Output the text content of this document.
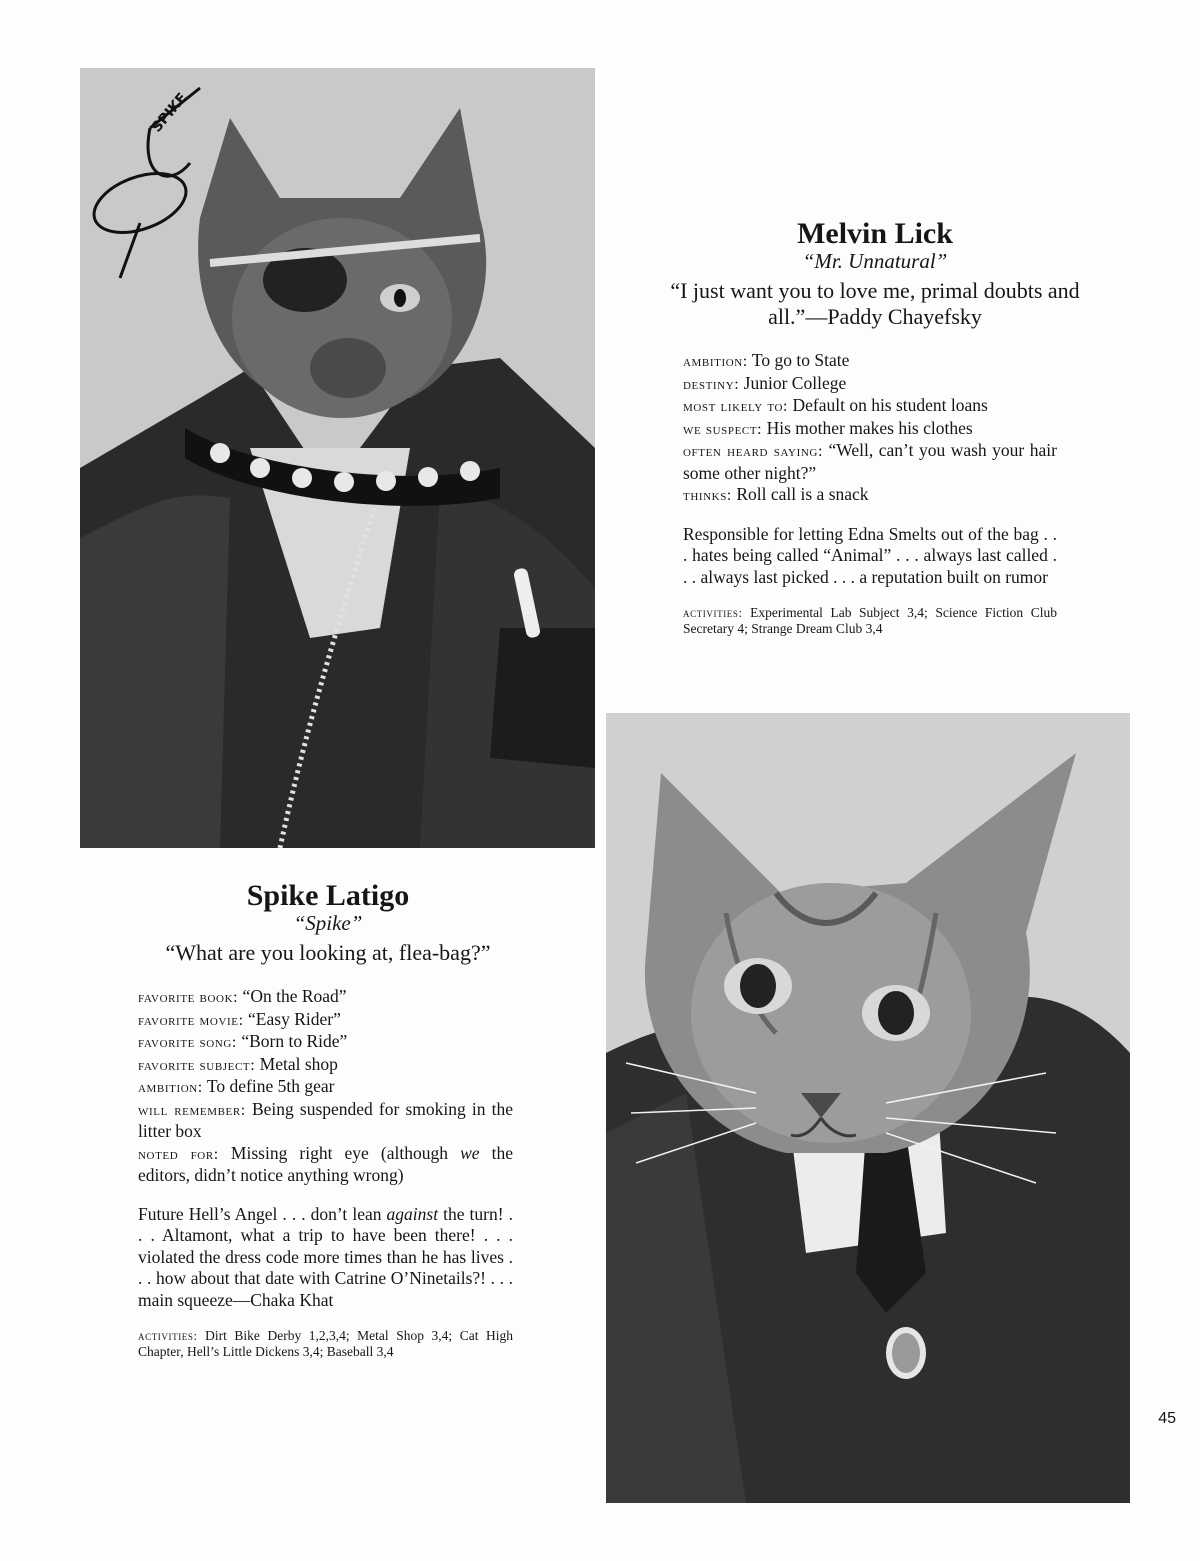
SPIKE
Melvin Lick
“Mr. Unnatural”
“I just want you to love me, primal doubts and all.”—Paddy Chayefsky
ambition: To go to State
destiny: Junior College
most likely to: Default on his student loans
we suspect: His mother makes his clothes
often heard saying: “Well, can’t you wash your hair some other night?”
thinks: Roll call is a snack
Responsible for letting Edna Smelts out of the bag . . . hates being called “Animal” . . . always last called . . . always last picked . . . a reputation built on rumor
activities: Experimental Lab Subject 3,4; Science Fiction Club Secretary 4; Strange Dream Club 3,4
Spike Latigo
“Spike”
“What are you looking at, flea-bag?”
favorite book: “On the Road”
favorite movie: “Easy Rider”
favorite song: “Born to Ride”
favorite subject: Metal shop
ambition: To define 5th gear
will remember: Being suspended for smoking in the litter box
noted for: Missing right eye (although we the editors, didn’t notice anything wrong)
Future Hell’s Angel . . . don’t lean against the turn! . . . Altamont, what a trip to have been there! . . . violated the dress code more times than he has lives . . . how about that date with Catrine O’Ninetails?! . . . main squeeze—Chaka Khat
activities: Dirt Bike Derby 1,2,3,4; Metal Shop 3,4; Cat High Chapter, Hell’s Little Dickens 3,4; Baseball 3,4
45
